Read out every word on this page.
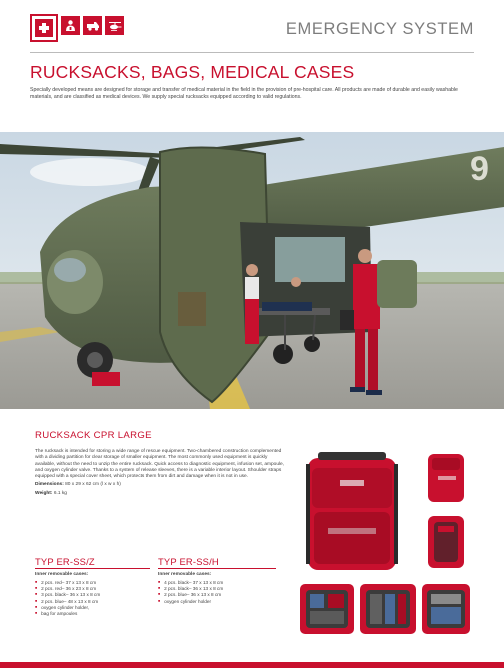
EMERGENCY SYSTEM
RUCKSACKS, BAGS, MEDICAL CASES
Specially developed means are designed for storage and transfer of medical material in the field in the provision of pre-hospital care. All products are made of durable and easily washable materials, and are classified as medical devices. We supply special rucksacks equipped according to valid regulations.
9
RUCKSACK CPR LARGE

The rucksack is intended for storing a wide range of rescue equipment. Two-chambered construction complemented with a dividing partition for clear storage of smaller equipment. The most commonly used equipment is quickly available, without the need to unzip the entire rucksack. Quick access to diagnostic equipment, infusion set, ampoule, and oxygen cylinder valve. Thanks to a system of release sleeves, there is a variable interior layout. Shoulder straps equipped with a special cover sheet, which protects them from dirt and damage when it is not in use.

Dimensions: 80 x 29 x 62 cm (l x w x h)

Weight: 6.1 kg

TYP ER-SS/Z
Inner removable cases:
■ 2 pcs. red– 37 x 13 x 8 cm
■ 2 pcs. red– 36 x 23 x 8 cm
■ 3 pcs. black– 36 x 13 x 8 cm
■ 2 pcs. blue– 48 x 13 x 8 cm
■ oxygen cylinder holder,
■ bag for ampoules
TYP ER-SS/H
Inner removable cases:
■ 4 pcs. black– 37 x 13 x 8 cm
■ 2 pcs. black– 36 x 13 x 8 cm
■ 2 pcs. blue– 36 x 13 x 8 cm
■ oxygen cylinder holder
